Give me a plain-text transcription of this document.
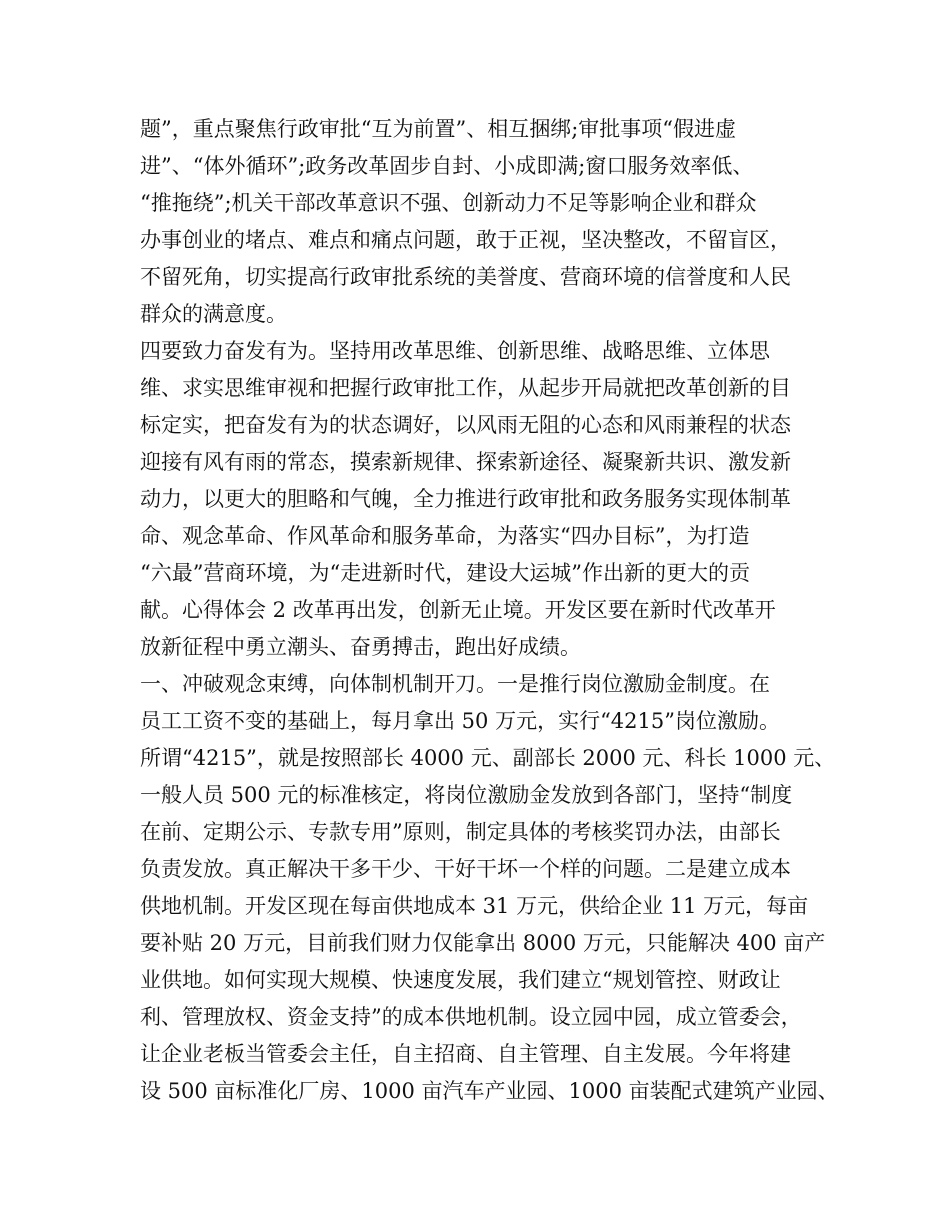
题”，重点聚焦行政审批“互为前置”、相互捆绑;审批事项“假进虚
进”、“体外循环”;政务改革固步自封、小成即满;窗口服务效率低、
“推拖绕”;机关干部改革意识不强、创新动力不足等影响企业和群众
办事创业的堵点、难点和痛点问题，敢于正视，坚决整改，不留盲区，
不留死角，切实提高行政审批系统的美誉度、营商环境的信誉度和人民
群众的满意度。
四要致力奋发有为。坚持用改革思维、创新思维、战略思维、立体思
维、求实思维审视和把握行政审批工作，从起步开局就把改革创新的目
标定实，把奋发有为的状态调好，以风雨无阻的心态和风雨兼程的状态
迎接有风有雨的常态，摸索新规律、探索新途径、凝聚新共识、激发新
动力，以更大的胆略和气魄，全力推进行政审批和政务服务实现体制革
命、观念革命、作风革命和服务革命，为落实“四办目标”，为打造
“六最”营商环境，为“走进新时代，建设大运城”作出新的更大的贡
献。心得体会 2 改革再出发，创新无止境。开发区要在新时代改革开
放新征程中勇立潮头、奋勇搏击，跑出好成绩。
一、冲破观念束缚，向体制机制开刀。一是推行岗位激励金制度。在
员工工资不变的基础上，每月拿出 50 万元，实行“4215”岗位激励。
所谓“4215”，就是按照部长 4000 元、副部长 2000 元、科长 1000 元、
一般人员 500 元的标准核定，将岗位激励金发放到各部门，坚持“制度
在前、定期公示、专款专用”原则，制定具体的考核奖罚办法，由部长
负责发放。真正解决干多干少、干好干坏一个样的问题。二是建立成本
供地机制。开发区现在每亩供地成本 31 万元，供给企业 11 万元，每亩
要补贴 20 万元，目前我们财力仅能拿出 8000 万元，只能解决 400 亩产
业供地。如何实现大规模、快速度发展，我们建立“规划管控、财政让
利、管理放权、资金支持”的成本供地机制。设立园中园，成立管委会，
让企业老板当管委会主任，自主招商、自主管理、自主发展。今年将建
设 500 亩标准化厂房、1000 亩汽车产业园、1000 亩装配式建筑产业园、
